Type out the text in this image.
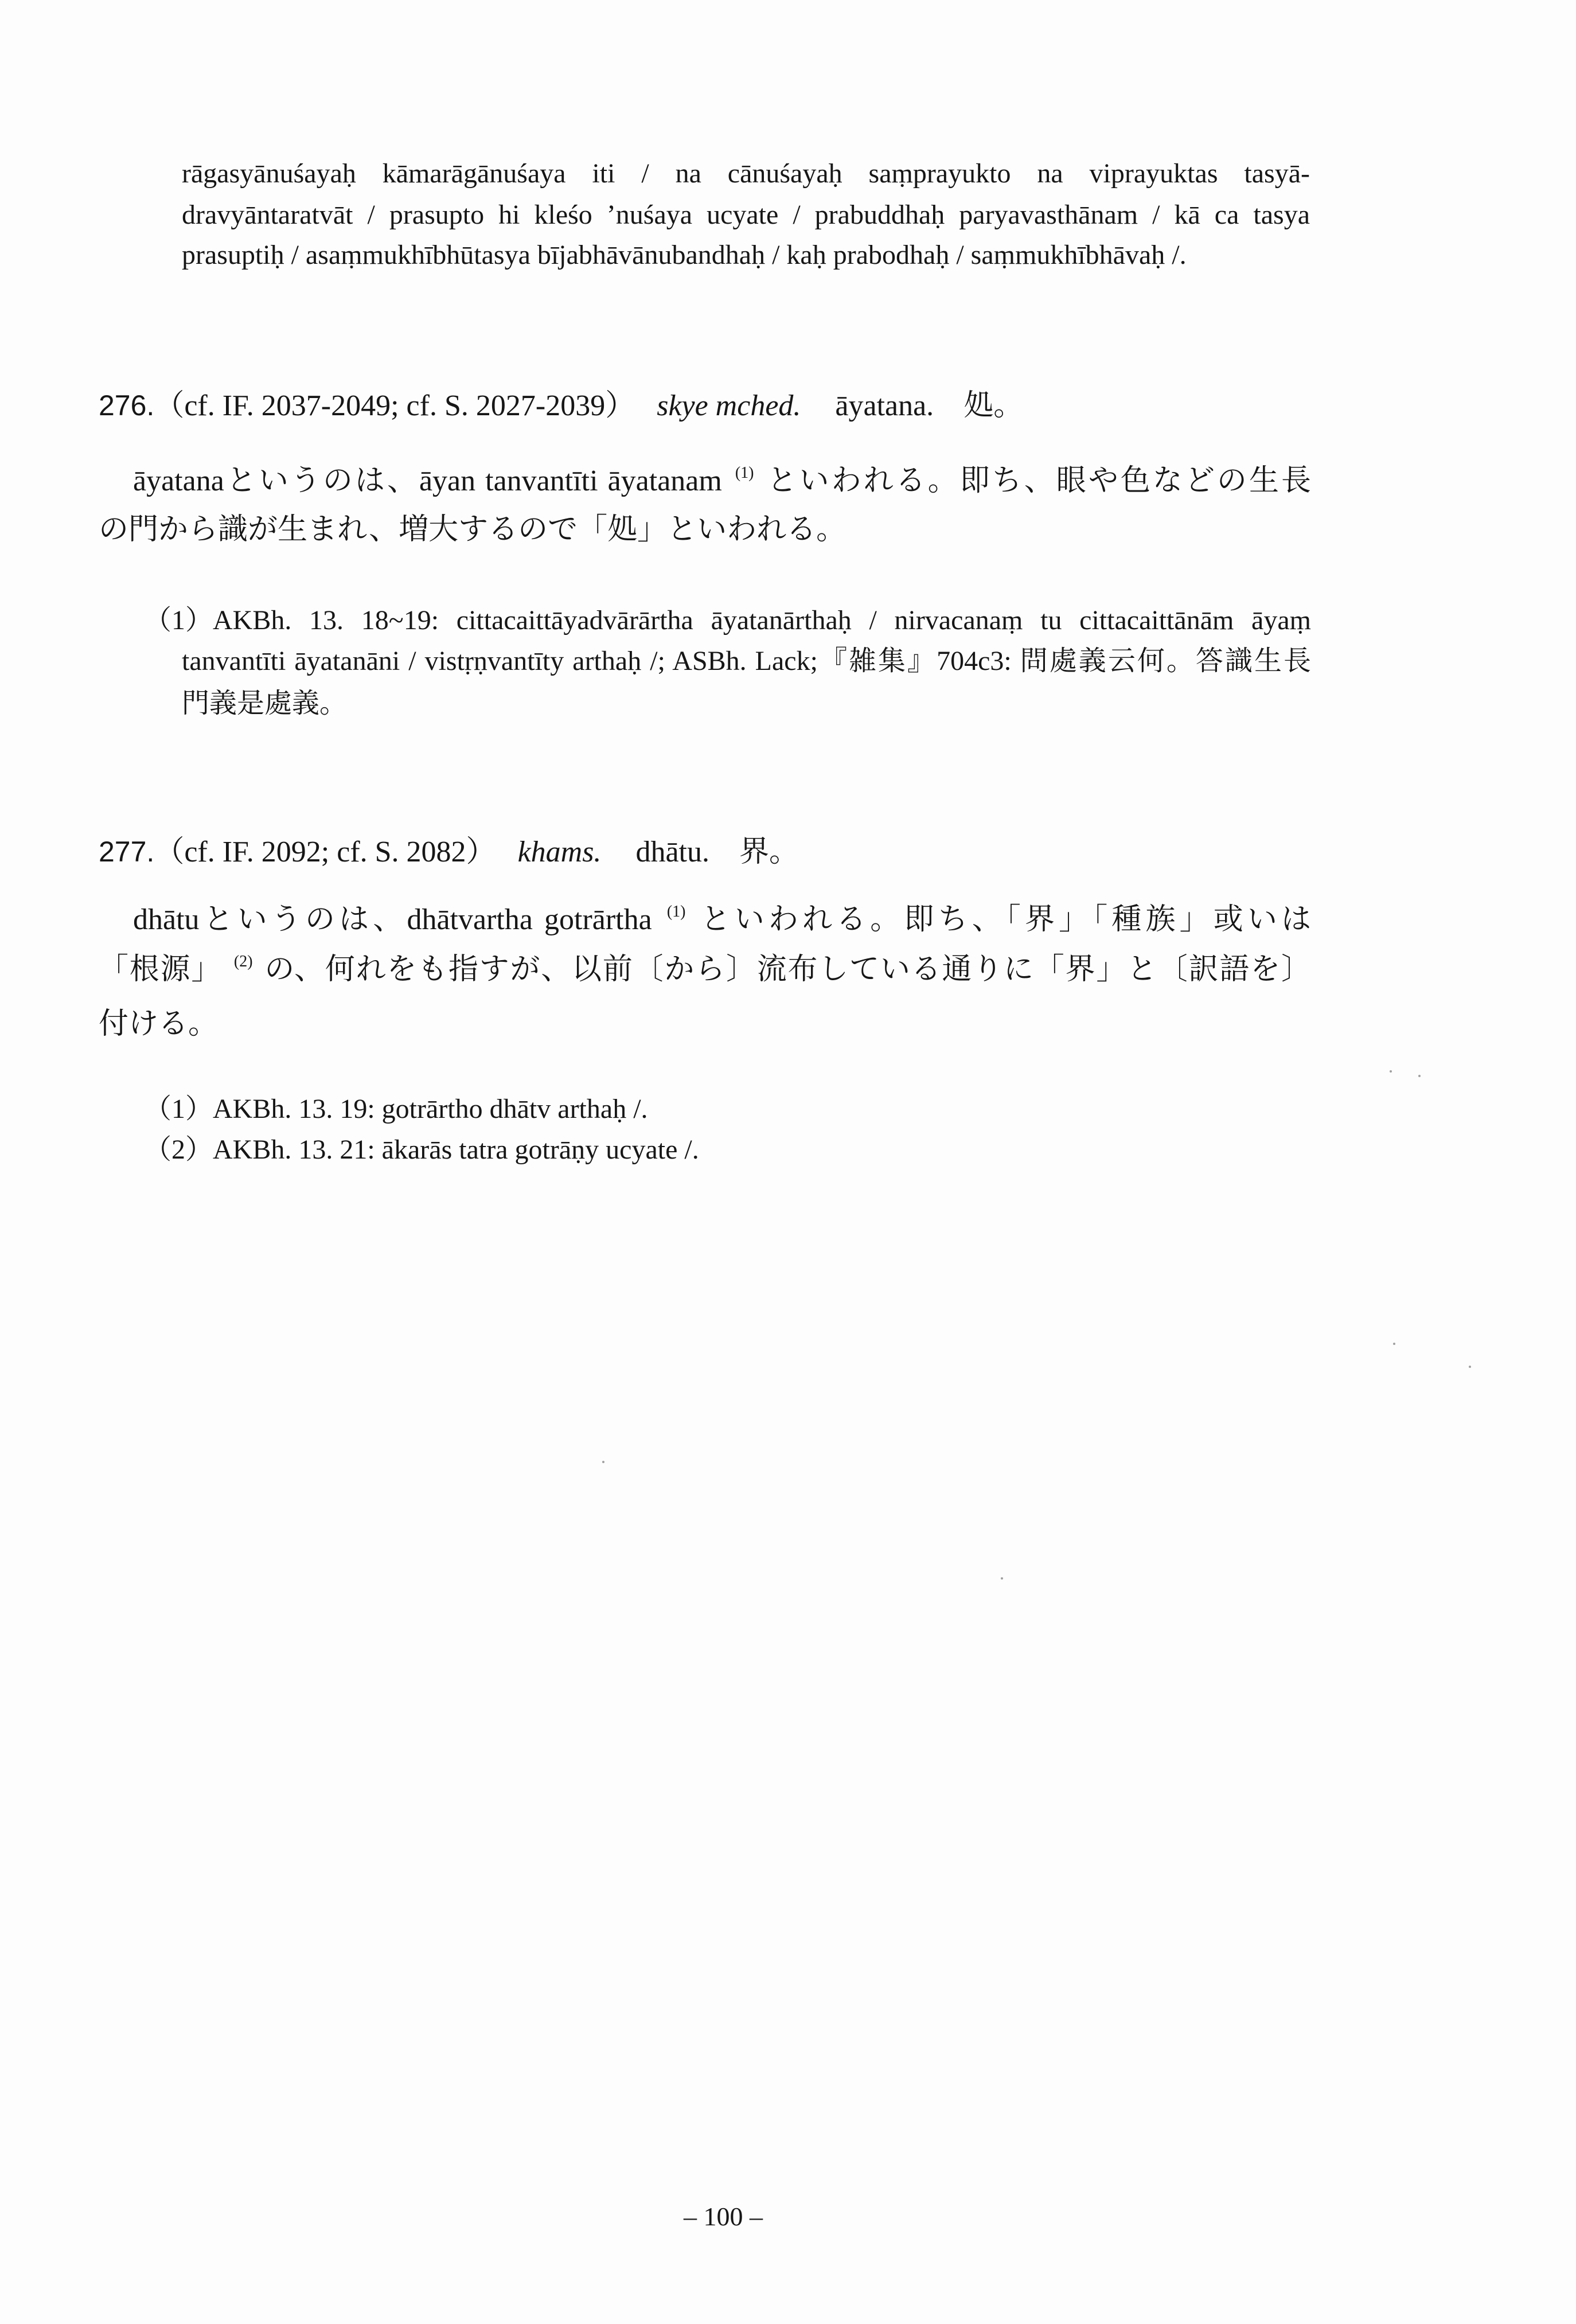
rāgasyānuśayaḥ kāmarāgānuśaya iti / na cānuśayaḥ saṃprayukto na viprayuktas tasyā-
dravyāntaratvāt / prasupto hi kleśo ’nuśaya ucyate / prabuddhaḥ paryavasthānam / kā ca tasya
prasuptiḥ / asaṃmukhībhūtasya bījabhāvānubandhaḥ / kaḥ prabodhaḥ / saṃmukhībhāvaḥ /.
276.（cf. IF. 2037-2049; cf. S. 2027-2039） skye mched. āyatana. 処。
āyatanaというのは、āyan tanvantīti āyatanam (1) といわれる。即ち、眼や色などの生長
の門から識が生まれ、増大するので「処」といわれる。
（1）AKBh. 13. 18~19: cittacaittāyadvārārtha āyatanārthaḥ / nirvacanaṃ tu cittacaittānām āyaṃ
tanvantīti āyatanāni / vistṛṇvantīty arthaḥ /; ASBh. Lack;『雑集』704c3: 問處義云何。答識生長
門義是處義。
277.（cf. IF. 2092; cf. S. 2082） khams. dhātu. 界。
dhātuというのは、dhātvartha gotrārtha (1) といわれる。即ち、「界」「種族」或いは
「根源」 (2) の、何れをも指すが、以前〔から〕流布している通りに「界」と〔訳語を〕
付ける。
（1）AKBh. 13. 19: gotrārtho dhātv arthaḥ /.
（2）AKBh. 13. 21: ākarās tatra gotrāṇy ucyate /.
– 100 –
